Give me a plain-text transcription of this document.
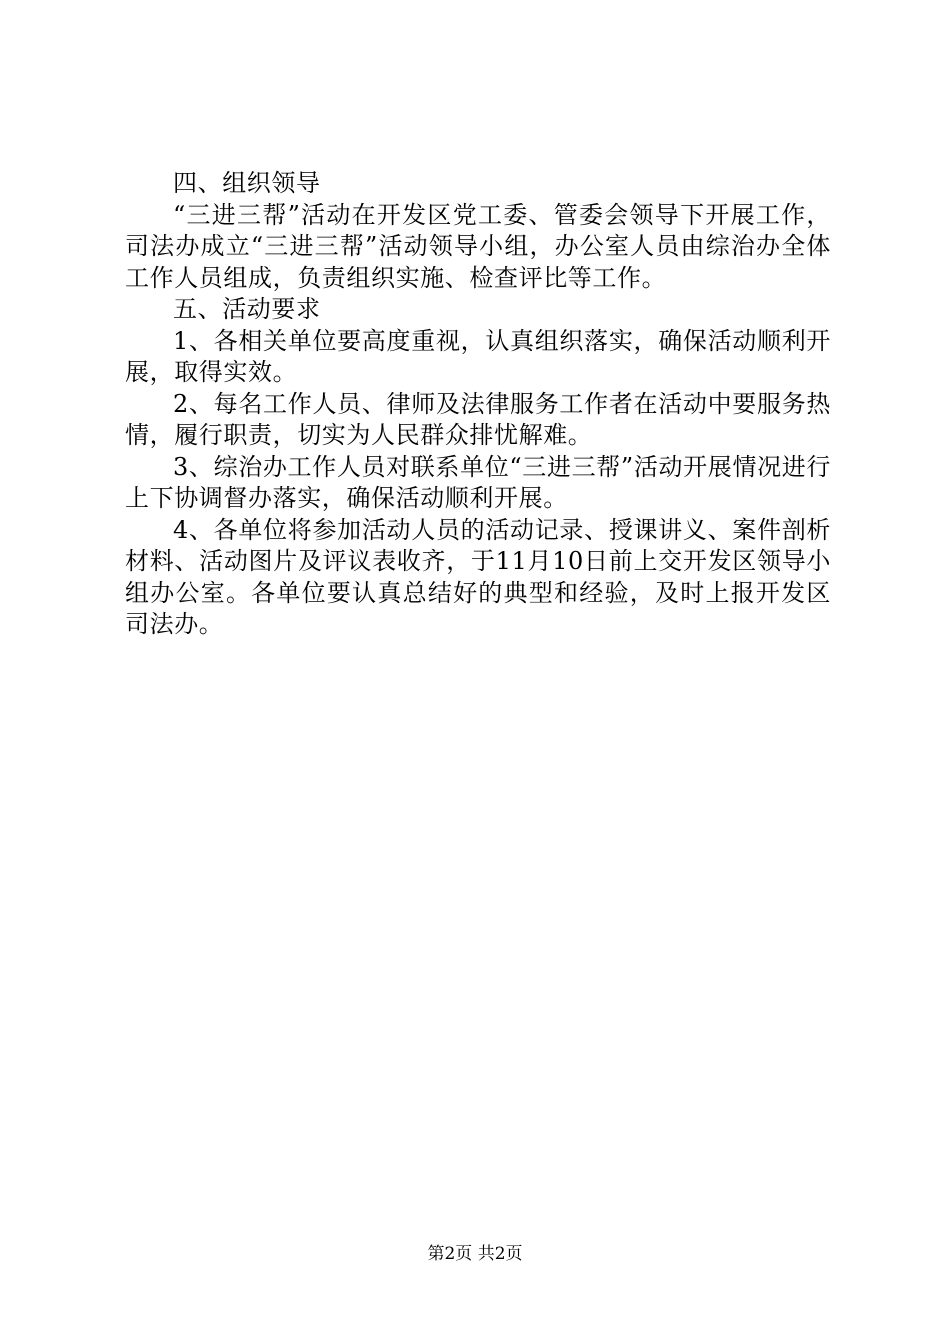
四、组织领导

“三进三帮”活动在开发区党工委、管委会领导下开展工作，司法办成立“三进三帮”活动领导小组，办公室人员由综治办全体工作人员组成，负责组织实施、检查评比等工作。

五、活动要求

1、各相关单位要高度重视，认真组织落实，确保活动顺利开展，取得实效。

2、每名工作人员、律师及法律服务工作者在活动中要服务热情，履行职责，切实为人民群众排忧解难。

3、综治办工作人员对联系单位“三进三帮”活动开展情况进行上下协调督办落实，确保活动顺利开展。

4、各单位将参加活动人员的活动记录、授课讲义、案件剖析材料、活动图片及评议表收齐，于11月10日前上交开发区领导小组办公室。各单位要认真总结好的典型和经验，及时上报开发区司法办。

第2页 共2页
